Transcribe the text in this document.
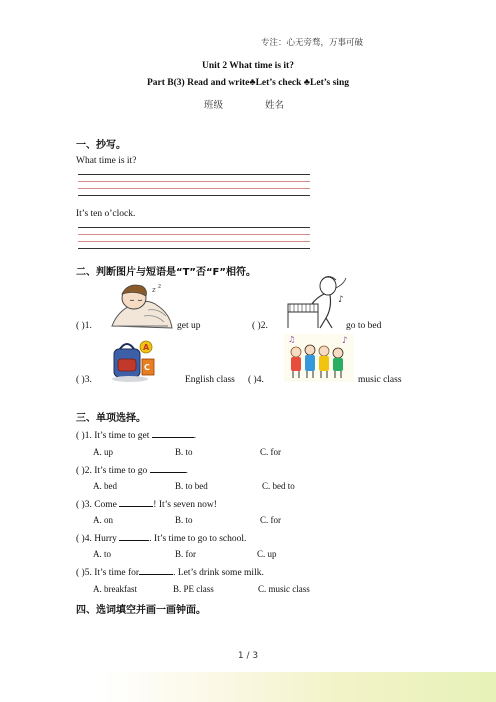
专注：心无旁骛，万事可破
Unit 2 What time is it?
Part B(3) Read and write♣Let’s check ♣Let’s sing
班级	姓名
一、抄写。
What time is it?
It’s ten o’clock.
二、判断图片与短语是“T”否“F”相符。
( )1.
z z
get up	( )2.
♪
go to bed
( )3.
A
C
English class ( )4.
♪
♫
music class
三、单项选择。
( )1. It’s time to get	.
A. up	B. to	C. for
( )2. It’s time to go	.
A. bed	B. to bed	C. bed to
( )3. Come	! It’s seven now!
A. on	B. to	C. for
( )4. Hurry	. It’s time to go to school.
A. to	B. for	C. up
( )5. It’s time for	. Let’s drink some milk.
A. breakfast	B. PE class	C. music class
四、选词填空并画一画钟面。
1 / 3
